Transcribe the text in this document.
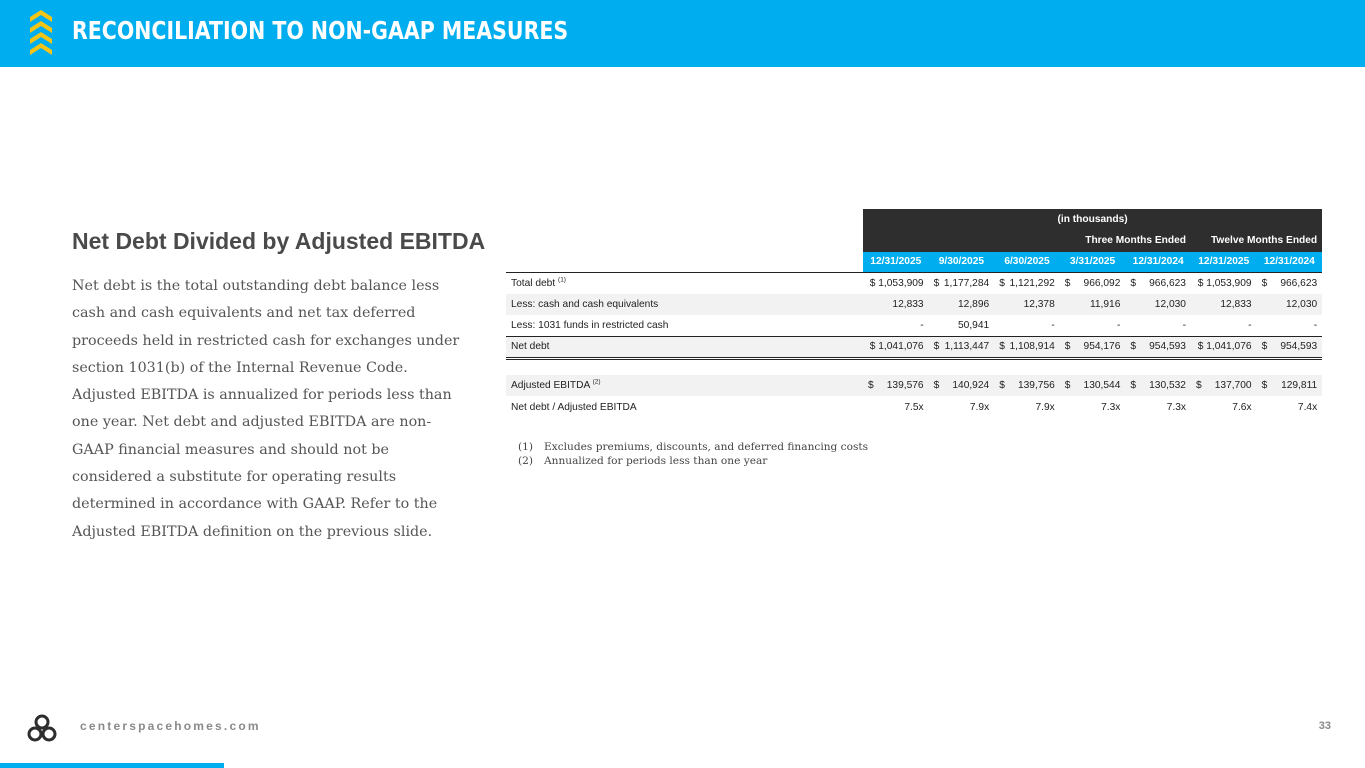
RECONCILIATION TO NON-GAAP MEASURES
Net Debt Divided by Adjusted EBITDA
Net debt is the total outstanding debt balance less cash and cash equivalents and net tax deferred proceeds held in restricted cash for exchanges under section 1031(b) of the Internal Revenue Code. Adjusted EBITDA is annualized for periods less than one year. Net debt and adjusted EBITDA are non-GAAP financial measures and should not be considered a substitute for operating results determined in accordance with GAAP. Refer to the Adjusted EBITDA definition on the previous slide.
	(in thousands)						
	Three Months Ended					Twelve Months Ended	
	12/31/2025	9/30/2025	6/30/2025	3/31/2025	12/31/2024	12/31/2025	12/31/2024
Total debt $^{(1)}$	$ 1,053,909	$ 1,177,284	$ 1,121,292	$ 966,092	$ 966,623	$ 1,053,909	$ 966,623
Less: cash and cash equivalents	12,833	12,896	12,378	11,916	12,030	12,833	12,030
Less: 1031 funds in restricted cash	-	50,941	-	-	-	-	-
Net debt	$ 1,041,076	$ 1,113,447	$ 1,108,914	$ 954,176	$ 954,593	$ 1,041,076	$ 954,593

Adjusted EBITDA $^{(2)}$	$ 139,576	$ 140,924	$ 139,756	$ 130,544	$ 130,532	$ 137,700	$ 129,811
Net debt / Adjusted EBITDA	7.5x	7.9x	7.9x	7.3x	7.3x	7.6x	7.4x
(1) Excludes premiums, discounts, and deferred financing costs
(2) Annualized for periods less than one year
centerspacehomes.com	33
